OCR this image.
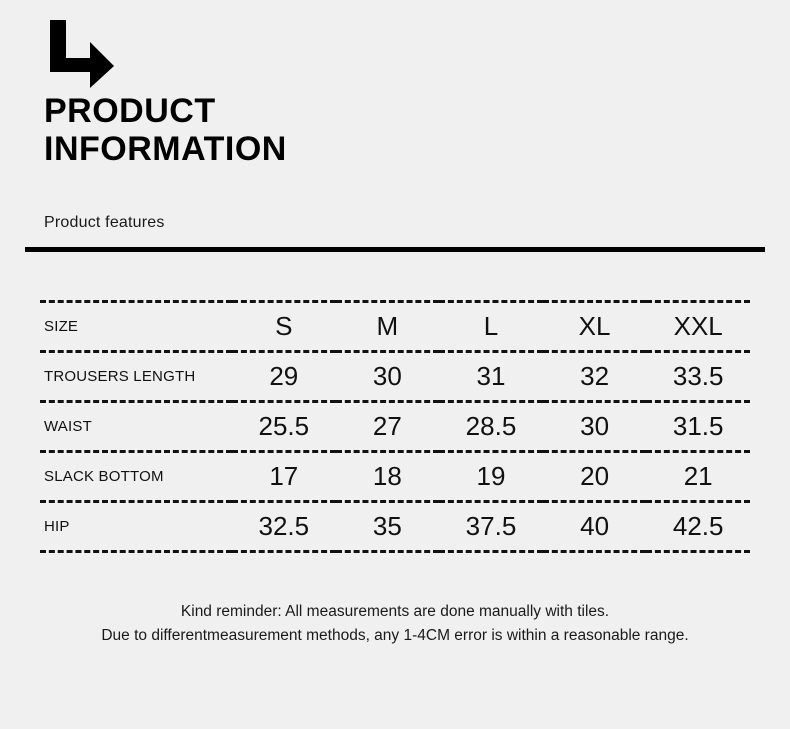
PRODUCT
INFORMATION
Product features
SIZE	S	M	L	XL	XXL
TROUSERS LENGTH	29	30	31	32	33.5
WAIST	25.5	27	28.5	30	31.5
SLACK BOTTOM	17	18	19	20	21
HIP	32.5	35	37.5	40	42.5
Kind reminder: All measurements are done manually with tiles.
Due to differentmeasurement methods, any 1-4CM error is within a reasonable range.
